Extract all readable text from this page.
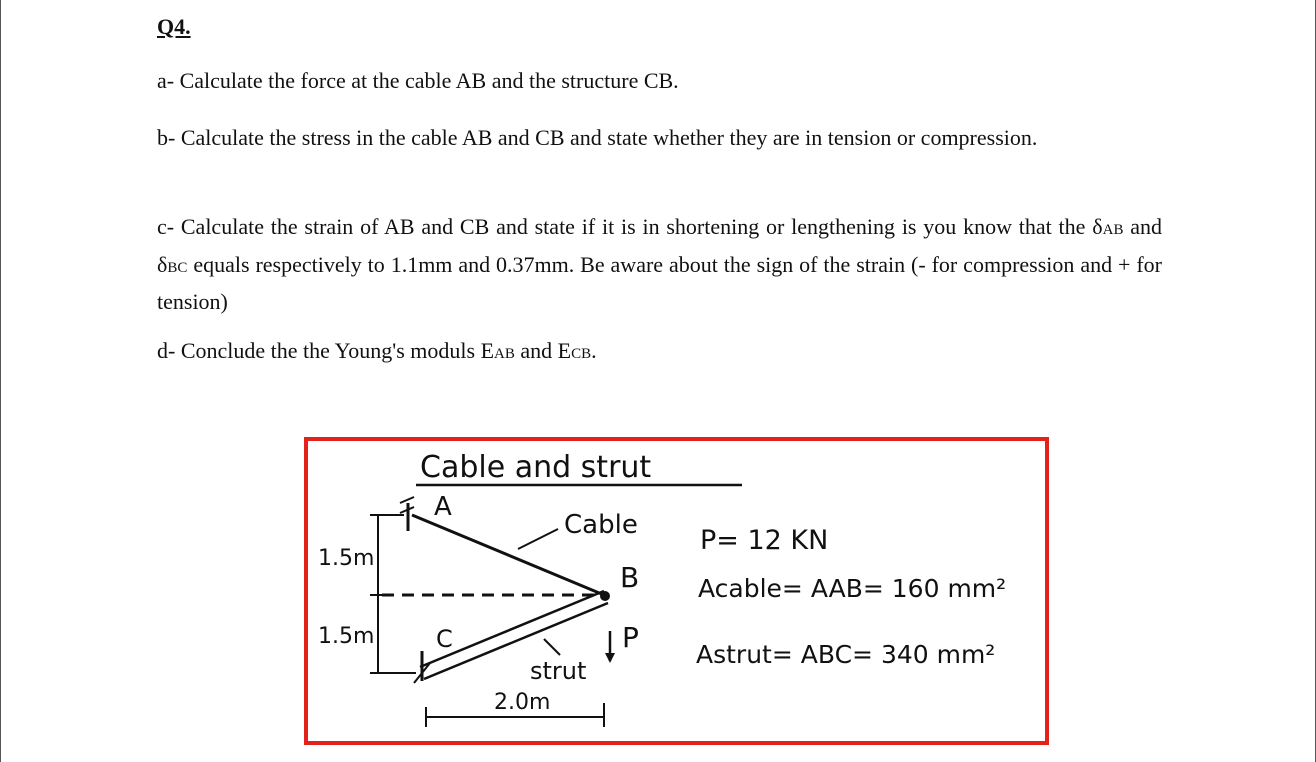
Q4.
a- Calculate the force at the cable AB and the structure CB.
b- Calculate the stress in the cable AB and CB and state whether they are in tension or compression.
c- Calculate the strain of AB and CB and state if it is in shortening or lengthening is you know that the δAB and δBC equals respectively to 1.1mm and 0.37mm. Be aware about the sign of the strain (- for compression and + for tension)
d- Conclude the the Young's moduls EAB and ECB.
Cable and strut
A
Cable
B
C
strut
P
1.5m
1.5m
2.0m
P= 12 KN
Acable= AAB= 160 mm²
Astrut= ABC= 340 mm²
